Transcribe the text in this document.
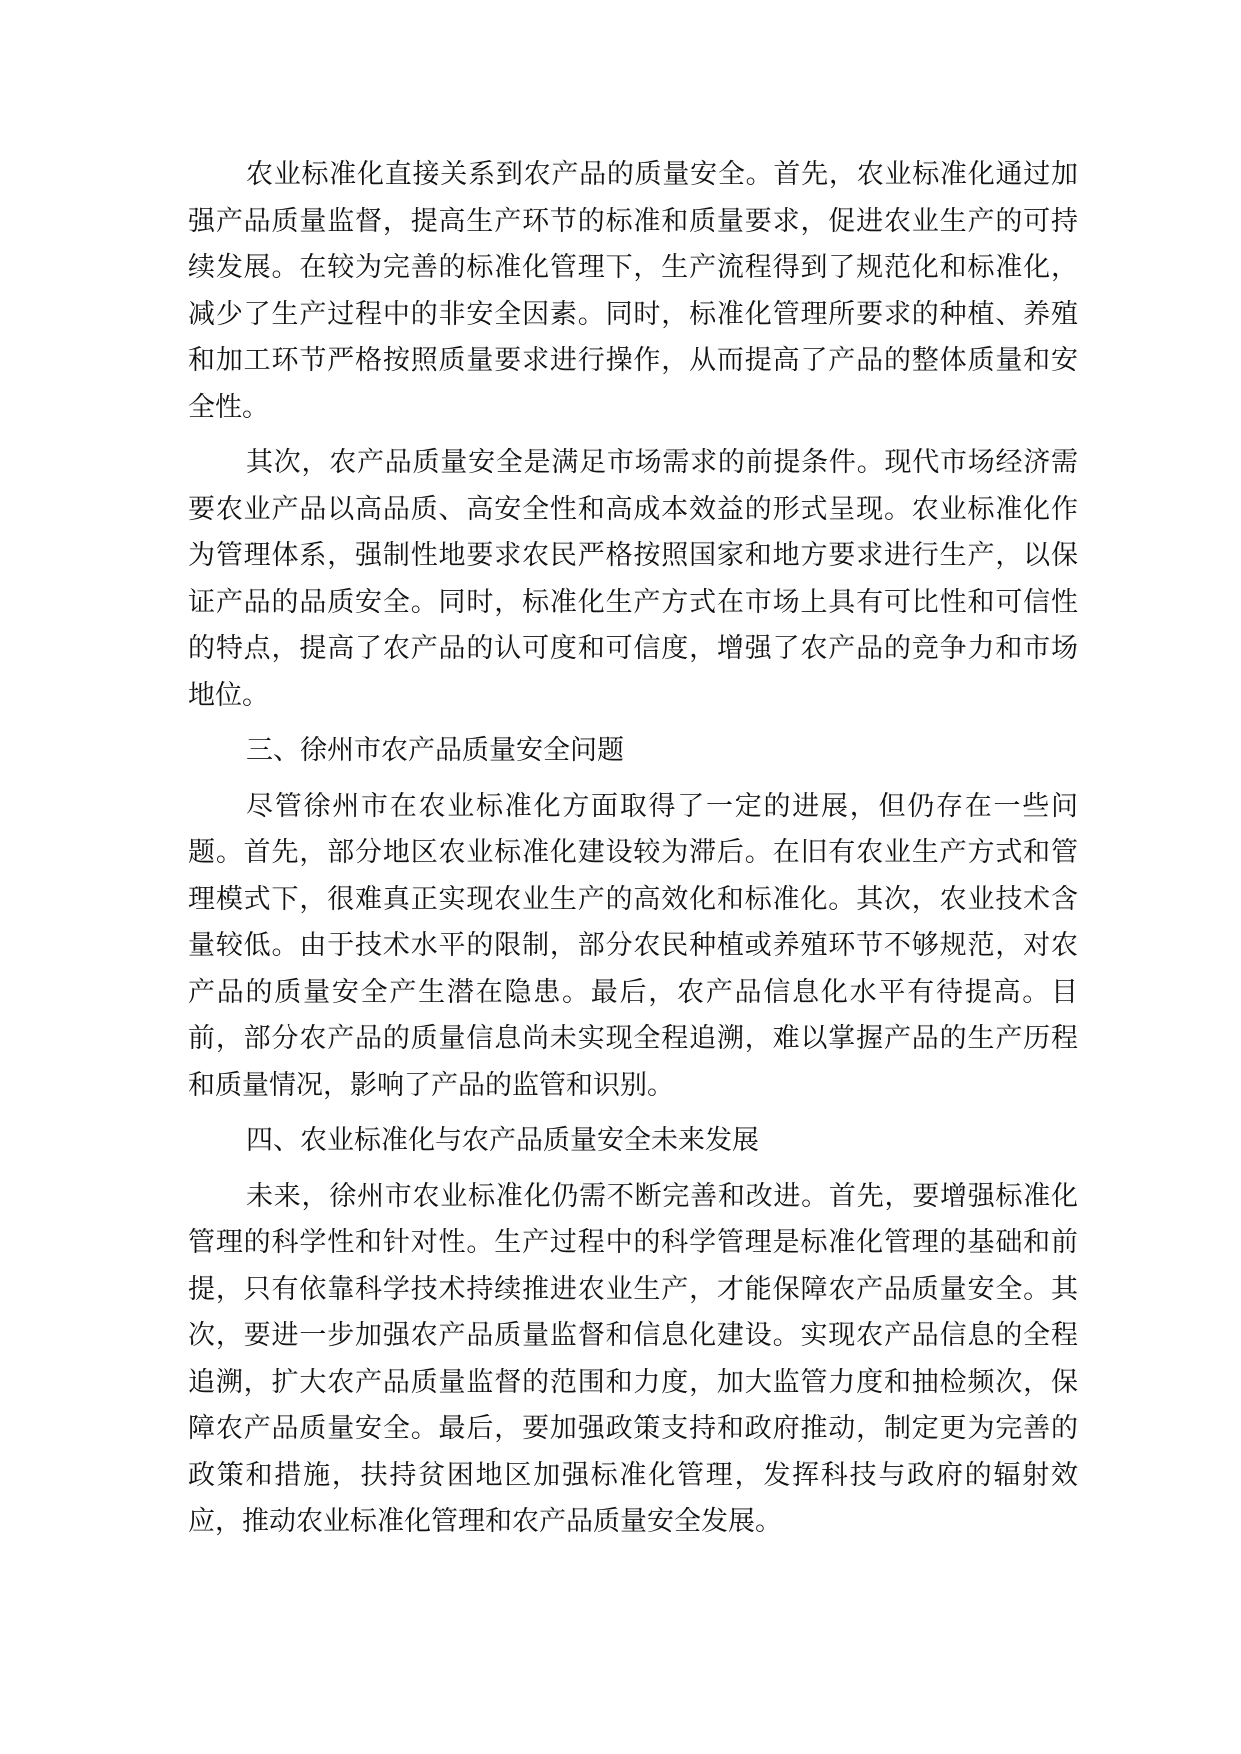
农业标准化直接关系到农产品的质量安全。首先，农业标准化通过加强产品质量监督，提高生产环节的标准和质量要求，促进农业生产的可持续发展。在较为完善的标准化管理下，生产流程得到了规范化和标准化，减少了生产过程中的非安全因素。同时，标准化管理所要求的种植、养殖和加工环节严格按照质量要求进行操作，从而提高了产品的整体质量和安全性。

其次，农产品质量安全是满足市场需求的前提条件。现代市场经济需要农业产品以高品质、高安全性和高成本效益的形式呈现。农业标准化作为管理体系，强制性地要求农民严格按照国家和地方要求进行生产，以保证产品的品质安全。同时，标准化生产方式在市场上具有可比性和可信性的特点，提高了农产品的认可度和可信度，增强了农产品的竞争力和市场地位。

三、徐州市农产品质量安全问题

尽管徐州市在农业标准化方面取得了一定的进展，但仍存在一些问题。首先，部分地区农业标准化建设较为滞后。在旧有农业生产方式和管理模式下，很难真正实现农业生产的高效化和标准化。其次，农业技术含量较低。由于技术水平的限制，部分农民种植或养殖环节不够规范，对农产品的质量安全产生潜在隐患。最后，农产品信息化水平有待提高。目前，部分农产品的质量信息尚未实现全程追溯，难以掌握产品的生产历程和质量情况，影响了产品的监管和识别。

四、农业标准化与农产品质量安全未来发展

未来，徐州市农业标准化仍需不断完善和改进。首先，要增强标准化管理的科学性和针对性。生产过程中的科学管理是标准化管理的基础和前提，只有依靠科学技术持续推进农业生产，才能保障农产品质量安全。其次，要进一步加强农产品质量监督和信息化建设。实现农产品信息的全程追溯，扩大农产品质量监督的范围和力度，加大监管力度和抽检频次，保障农产品质量安全。最后，要加强政策支持和政府推动，制定更为完善的政策和措施，扶持贫困地区加强标准化管理，发挥科技与政府的辐射效应，推动农业标准化管理和农产品质量安全发展。
